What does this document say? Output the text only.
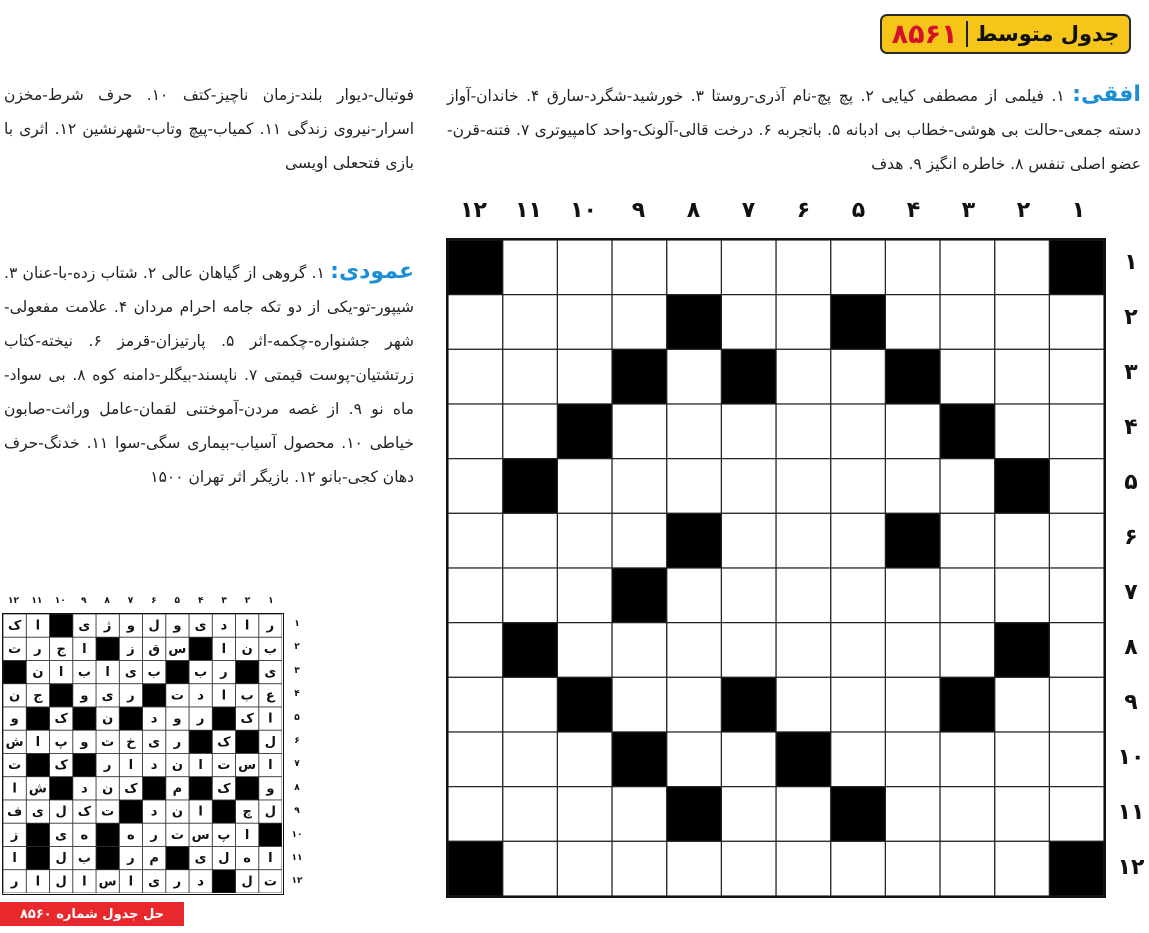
جدول متوسط
۸۵۶۱

افقی: ۱. فیلمی از مصطفی کیایی ۲. پچ پچ-نام آذری-روستا ۳. خورشید-شگرد-سارق ۴. خاندان-آواز دسته جمعی-حالت بی هوشی-خطاب بی ادبانه ۵. باتجربه ۶. درخت قالی-آلونک-واحد کامپیوتری ۷. فتنه-قرن-عضو اصلی تنفس ۸. خاطره انگیز ۹. هدف

فوتبال-دیوار بلند-زمان ناچیز-کتف ۱۰. حرف شرط-مخزن اسرار-نیروی زندگی ۱۱. کمیاب-پیچ وتاب-شهرنشین ۱۲. اثری با بازی فتحعلی اویسی

عمودی: ۱. گروهی از گیاهان عالی ۲. شتاب زده-با-عنان ۳. شیپور-تو-یکی از دو تکه جامه احرام مردان ۴. علامت مفعولی-شهر جشنواره-چکمه-اثر ۵. پارتیزان-قرمز ۶. نیخته-کتاب زرتشتیان-پوست قیمتی ۷. ناپسند-بیگلر-دامنه کوه ۸. بی سواد-ماه نو ۹. از غصه مردن-آموختنی لقمان-عامل وراثت-صابون خیاطی ۱۰. محصول آسیاب-بیماری سگی-سوا ۱۱. خدنگ-حرف دهان کجی-بانو ۱۲. بازیگر اثر تهران ۱۵۰۰

۱
۲
۳
۴
۵
۶
۷
۸
۹
۱۰
۱۱
۱۲
۱
۲
۳
۴
۵
۶
۷
۸
۹
۱۰
۱۱
۱۲
۱
۲
۳
۴
۵
۶
۷
۸
۹
۱۰
۱۱
۱۲
۱
۲
۳
۴
۵
۶
۷
۸
۹
۱۰
۱۱
۱۲
ر
ا
د
ی
و
ل
و
ژ
ی
ا
ک
ب
ن
ا
س
ق
ز
ا
ج
ر
ت
ی
ر
ب
ب
ی
ا
ب
ا
ن
ع
ب
ا
د
ت
ر
ی
و
ج
ن
ا
ک
ر
و
د
ن
ک
و
ل
ک
ر
ی
خ
ت
و
پ
ا
ش
ا
س
ت
ا
ن
د
ا
ر
ک
ت
و
ک
م
ک
ن
د
ش
ا
ل
چ
ا
ن
د
ت
ک
ل
ی
ف
ا
پ
س
ت
ر
ه
ه
ی
ز
ا
ه
ل
ی
م
ر
ب
ل
ا
ت
ل
د
ر
ی
ا
س
ا
ل
ا
ر
حل جدول شماره ۸۵۶۰
